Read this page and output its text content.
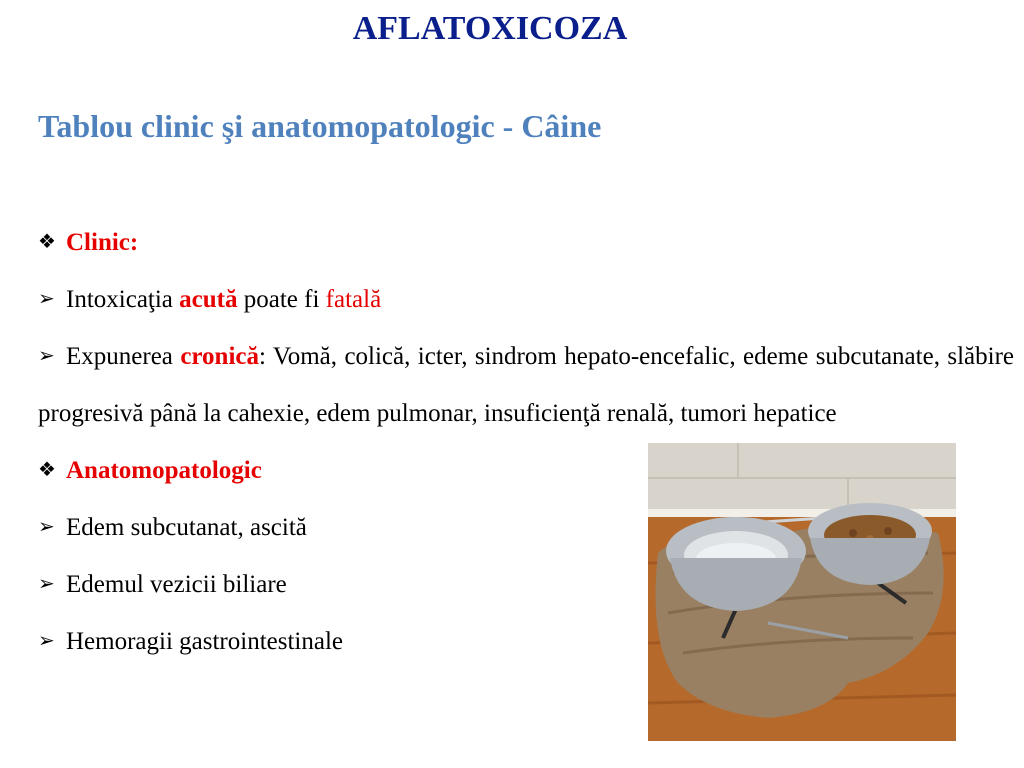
AFLATOXICOZA
Tablou clinic şi anatomopatologic - Câine
❖ Clinic:
➢ Intoxicaţia acută poate fi fatală
➢ Expunerea cronică: Vomă, colică, icter, sindrom hepato-encefalic, edeme subcutanate, slăbire progresivă până la cahexie, edem pulmonar, insuficienţă renală, tumori hepatice
❖ Anatomopatologic
➢ Edem subcutanat, ascită
➢ Edemul vezicii biliare
➢ Hemoragii gastrointestinale
